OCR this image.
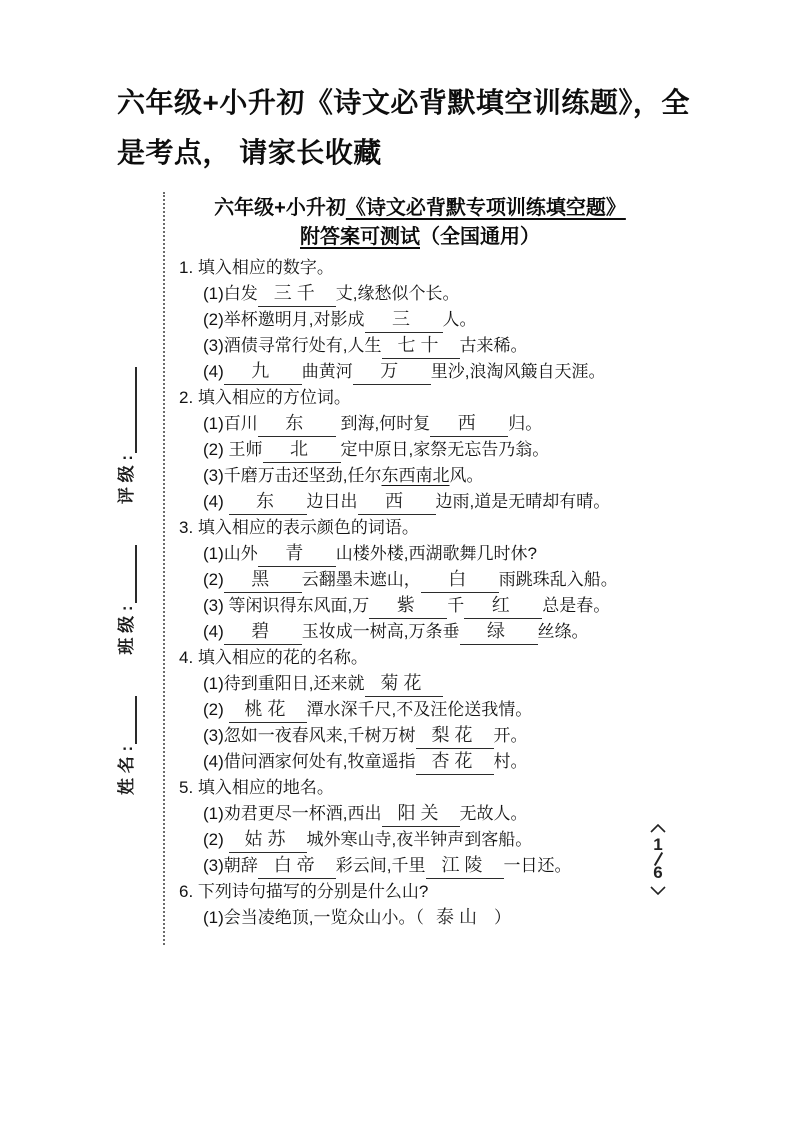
六年级+小升初《诗文必背默填空训练题》，全是考点， 请家长收藏
姓 名 :
班 级 :
评 级 :
六年级+小升初《诗文必背默专项训练填空题》
附答案可测试（全国通用）
1. 填入相应的数字。
(1)白发 三千 丈,缘愁似个长。
(2)举杯邀明月,对影成 三 人。
(3)酒债寻常行处有,人生 七十 古来稀。
(4) 九 曲黄河 万 里沙,浪淘风簸自天涯。
2. 填入相应的方位词。
(1)百川 东 到海,何时复 西 归。
(2) 王师 北 定中原日,家祭无忘告乃翁。
(3)千磨万击还坚劲,任尔东西南北风。
(4) 东 边日出 西 边雨,道是无晴却有晴。
3. 填入相应的表示颜色的词语。
(1)山外 青 山楼外楼,西湖歌舞几时休?
(2) 黑 云翻墨未遮山， 白 雨跳珠乱入船。
(3) 等闲识得东风面,万 紫 千 红 总是春。
(4) 碧 玉妆成一树高,万条垂 绿 丝绦。
4. 填入相应的花的名称。
(1)待到重阳日,还来就 菊花
(2) 桃花 潭水深千尺,不及汪伦送我情。
(3)忽如一夜春风来,千树万树 梨花 开。
(4)借问酒家何处有,牧童遥指 杏花 村。
5. 填入相应的地名。
(1)劝君更尽一杯酒,西出 阳关 无故人。
(2) 姑苏 城外寒山寺,夜半钟声到客船。
(3)朝辞 白帝 彩云间,千里 江陵 一日还。
6. 下列诗句描写的分别是什么山?
(1)会当凌绝顶,一览众山小。（ 泰山 ）
1
6
